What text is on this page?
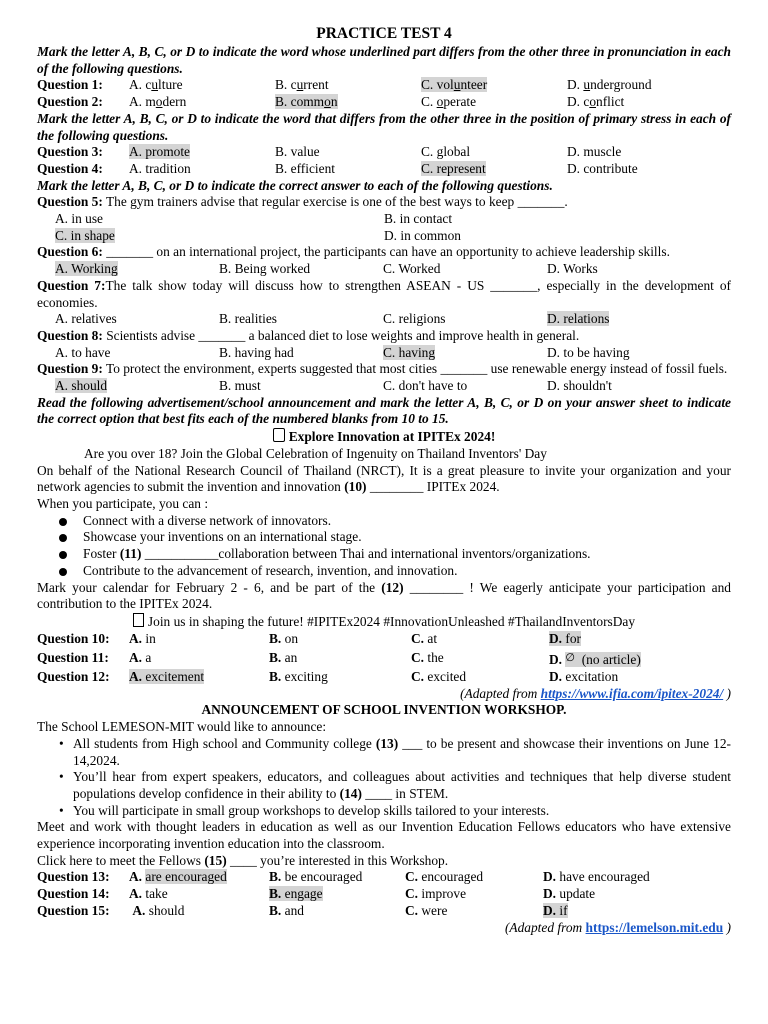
PRACTICE TEST 4
Mark the letter A, B, C, or D to indicate the word whose underlined part differs from the other three in pronunciation in each of the following questions.
Question 1:	A. culture	B. current	C. volunteer	D. underground
Question 2:	A. modern	B. common	C. operate	D. conflict
Mark the letter A, B, C, or D to indicate the word that differs from the other three in the position of primary stress in each of the following questions.
Question 3:	A. promote	B. value	C. global	D. muscle
Question 4:	A. tradition	B. efficient	C. represent	D. contribute
Mark the letter A, B, C, or D to indicate the correct answer to each of the following questions.
Question 5: The gym trainers advise that regular exercise is one of the best ways to keep _______.
A. in use	B. in contact
C. in shape	D. in common
Question 6: _______ on an international project, the participants can have an opportunity to achieve leadership skills.
A. Working	B. Being worked	C. Worked	D. Works
Question 7:The talk show today will discuss how to strengthen ASEAN - US _______, especially in the development of economies.
A. relatives	B. realities	C. religions	D. relations
Question 8: Scientists advise _______ a balanced diet to lose weights and improve health in general.
A. to have	B. having had	C. having	D. to be having
Question 9: To protect the environment, experts suggested that most cities _______ use renewable energy instead of fossil fuels.
A. should	B. must	C. don't have to	D. shouldn't
Read the following advertisement/school announcement and mark the letter A, B, C, or D on your answer sheet to indicate the correct option that best fits each of the numbered blanks from 10 to 15.
Explore Innovation at IPITEx 2024!
Are you over 18? Join the Global Celebration of Ingenuity on Thailand Inventors' Day
On behalf of the National Research Council of Thailand (NRCT), It is a great pleasure to invite your organization and your network agencies to submit the invention and innovation (10) ________ IPITEx 2024.
When you participate, you can :
Connect with a diverse network of innovators.
Showcase your inventions on an international stage.
Foster (11) ___________collaboration between Thai and international inventors/organizations.
Contribute to the advancement of research, invention, and innovation.
Mark your calendar for February 2 - 6, and be part of the (12) ________ ! We eagerly anticipate your participation and contribution to the IPITEx 2024.
Join us in shaping the future! #IPITEx2024 #InnovationUnleashed #ThailandInventorsDay
Question 10:	A. in	B. on	C. at	D. for
Question 11:	A. a	B. an	C. the	D. ∅ (no article)
Question 12:	A. excitement	B. exciting	C. excited	D. excitation
(Adapted from https://www.ifia.com/ipitex-2024/ )
ANNOUNCEMENT OF SCHOOL INVENTION WORKSHOP.
The School LEMESON-MIT would like to announce:
• All students from High school and Community college (13) ___ to be present and showcase their inventions on June 12-14,2024.
• You’ll hear from expert speakers, educators, and colleagues about activities and techniques that help diverse student populations develop confidence in their ability to (14) ____ in STEM.
• You will participate in small group workshops to develop skills tailored to your interests.
Meet and work with thought leaders in education as well as our Invention Education Fellows educators who have extensive experience incorporating invention education into the classroom.
Click here to meet the Fellows (15) ____ you’re interested in this Workshop.
Question 13:	A. are encouraged	B. be encouraged	C. encouraged	D. have encouraged
Question 14:	A. take	B. engage	C. improve	D. update
Question 15:	A. should	B. and	C. were	D. if
(Adapted from https://lemelson.mit.edu )
